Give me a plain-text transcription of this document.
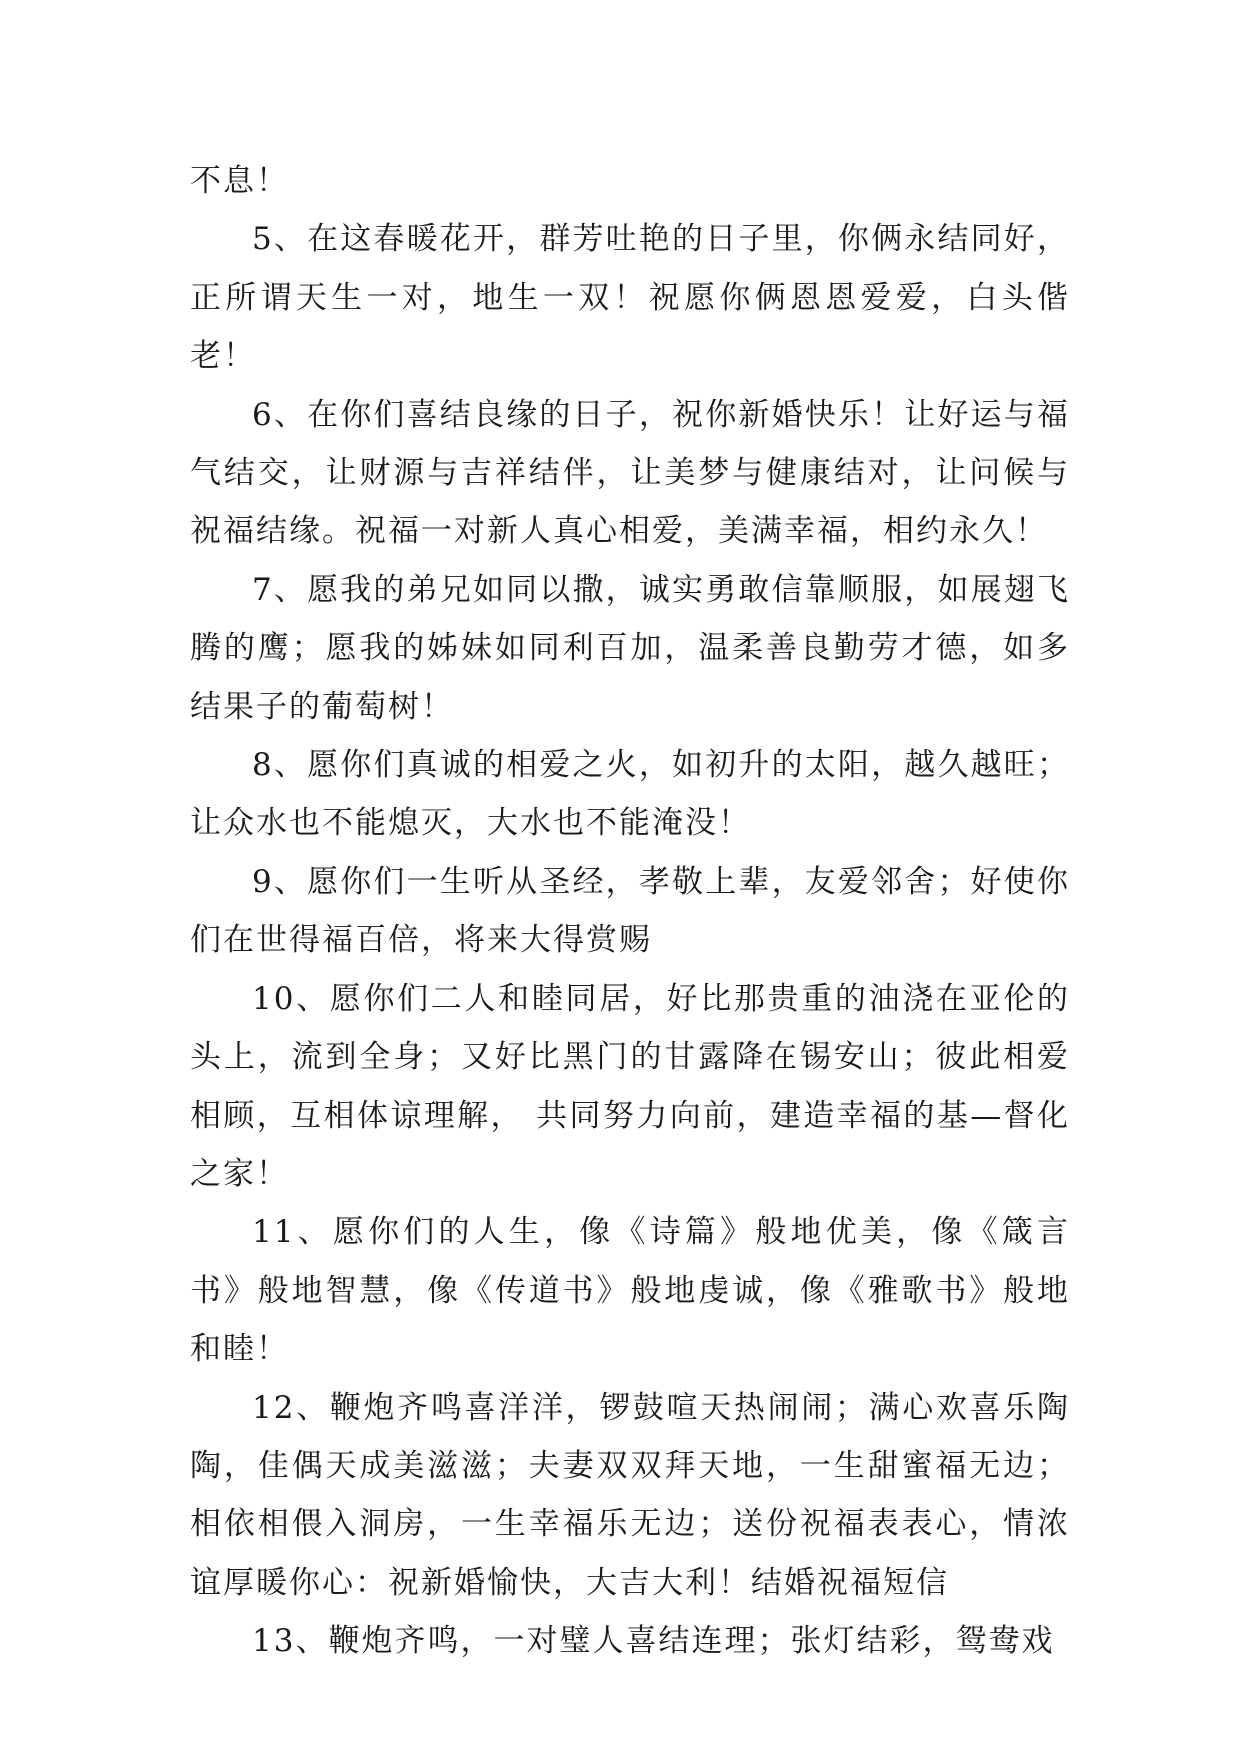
不息！

5、在这春暖花开，群芳吐艳的日子里，你俩永结同好，正所谓天生一对，地生一双！祝愿你俩恩恩爱爱，白头偕老！

6、在你们喜结良缘的日子，祝你新婚快乐！让好运与福气结交，让财源与吉祥结伴，让美梦与健康结对，让问候与祝福结缘。祝福一对新人真心相爱，美满幸福，相约永久！

7、愿我的弟兄如同以撒，诚实勇敢信靠顺服，如展翅飞腾的鹰；愿我的姊妹如同利百加，温柔善良勤劳才德，如多结果子的葡萄树！

8、愿你们真诚的相爱之火，如初升的太阳，越久越旺；让众水也不能熄灭，大水也不能淹没！

9、愿你们一生听从圣经，孝敬上辈，友爱邻舍；好使你们在世得福百倍，将来大得赏赐

10、愿你们二人和睦同居，好比那贵重的油浇在亚伦的头上，流到全身；又好比黑门的甘露降在锡安山；彼此相爱相顾，互相体谅理解， 共同努力向前，建造幸福的基—督化之家！

11、愿你们的人生，像《诗篇》般地优美，像《箴言书》般地智慧，像《传道书》般地虔诚，像《雅歌书》般地和睦！

12、鞭炮齐鸣喜洋洋，锣鼓喧天热闹闹；满心欢喜乐陶陶，佳偶天成美滋滋；夫妻双双拜天地，一生甜蜜福无边；相依相偎入洞房，一生幸福乐无边；送份祝福表表心，情浓谊厚暖你心：祝新婚愉快，大吉大利！结婚祝福短信

13、鞭炮齐鸣，一对璧人喜结连理；张灯结彩，鸳鸯戏
